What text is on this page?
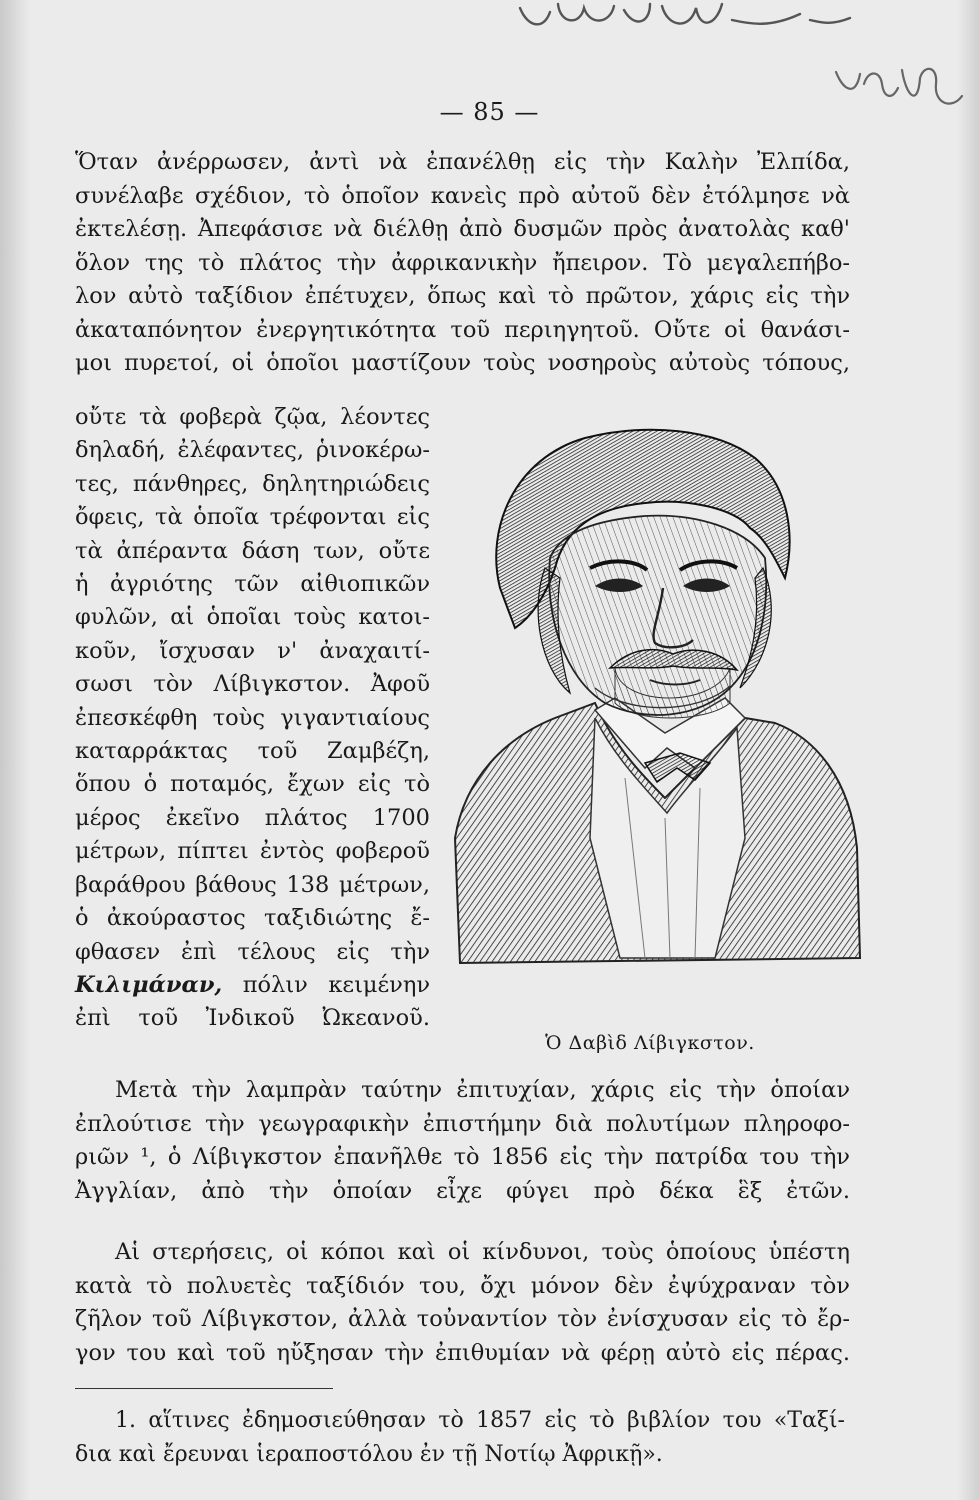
— 85 —
Ὅταν ἀνέρρωσεν, ἀντὶ νὰ ἐπανέλθῃ εἰς τὴν Καλὴν Ἐλπίδα,
συνέλαβε σχέδιον, τὸ ὁποῖον κανεὶς πρὸ αὐτοῦ δὲν ἐτόλμησε νὰ
ἐκτελέσῃ. Ἀπεφάσισε νὰ διέλθῃ ἀπὸ δυσμῶν πρὸς ἀνατολὰς καθ'
ὅλον της τὸ πλάτος τὴν ἀφρικανικὴν ἤπειρον. Τὸ μεγαλεπήβο-
λον αὐτὸ ταξίδιον ἐπέτυχεν, ὅπως καὶ τὸ πρῶτον, χάρις εἰς τὴν
ἀκαταπόνητον ἐνεργητικότητα τοῦ περιηγητοῦ. Οὔτε οἱ θανάσι-
μοι πυρετοί, οἱ ὁποῖοι μαστίζουν τοὺς νοσηροὺς αὐτοὺς τόπους,
οὔτε τὰ φοβερὰ ζῷα, λέοντες
δηλαδή, ἐλέφαντες, ῥινοκέρω-
τες, πάνθηρες, δηλητηριώδεις
ὄφεις, τὰ ὁποῖα τρέφονται εἰς
τὰ ἀπέραντα δάση των, οὔτε
ἡ ἀγριότης τῶν αἰθιοπικῶν
φυλῶν, αἱ ὁποῖαι τοὺς κατοι-
κοῦν, ἴσχυσαν ν' ἀναχαιτί-
σωσι τὸν Λίβιγκστον. Ἀφοῦ
ἐπεσκέφθη τοὺς γιγαντιαίους
καταρράκτας τοῦ Ζαμβέζη,
ὅπου ὁ ποταμός, ἔχων εἰς τὸ
μέρος ἐκεῖνο πλάτος 1700
μέτρων, πίπτει ἐντὸς φοβεροῦ
βαράθρου βάθους 138 μέτρων,
ὁ ἀκούραστος ταξιδιώτης ἔ-
φθασεν ἐπὶ τέλους εἰς τὴν
Κιλιμάναν, πόλιν κειμένην
ἐπὶ τοῦ Ἰνδικοῦ Ὠκεανοῦ.
Ὁ Δαβὶδ Λίβιγκστον.
Μετὰ τὴν λαμπρὰν ταύτην ἐπιτυχίαν, χάρις εἰς τὴν ὁποίαν
ἐπλούτισε τὴν γεωγραφικὴν ἐπιστήμην διὰ πολυτίμων πληροφο-
ριῶν ¹, ὁ Λίβιγκστον ἐπανῆλθε τὸ 1856 εἰς τὴν πατρίδα του τὴν
Ἀγγλίαν, ἀπὸ τὴν ὁποίαν εἶχε φύγει πρὸ δέκα ἓξ ἐτῶν.
Αἱ στερήσεις, οἱ κόποι καὶ οἱ κίνδυνοι, τοὺς ὁποίους ὑπέστη
κατὰ τὸ πολυετὲς ταξίδιόν του, ὄχι μόνον δὲν ἐψύχραναν τὸν
ζῆλον τοῦ Λίβιγκστον, ἀλλὰ τοὐναντίον τὸν ἐνίσχυσαν εἰς τὸ ἔρ-
γον του καὶ τοῦ ηὔξησαν τὴν ἐπιθυμίαν νὰ φέρῃ αὐτὸ εἰς πέρας.
1. αἵτινες ἐδημοσιεύθησαν τὸ 1857 εἰς τὸ βιβλίον του «Ταξί-
δια καὶ ἔρευναι ἱεραποστόλου ἐν τῇ Νοτίῳ Ἀφρικῇ».
